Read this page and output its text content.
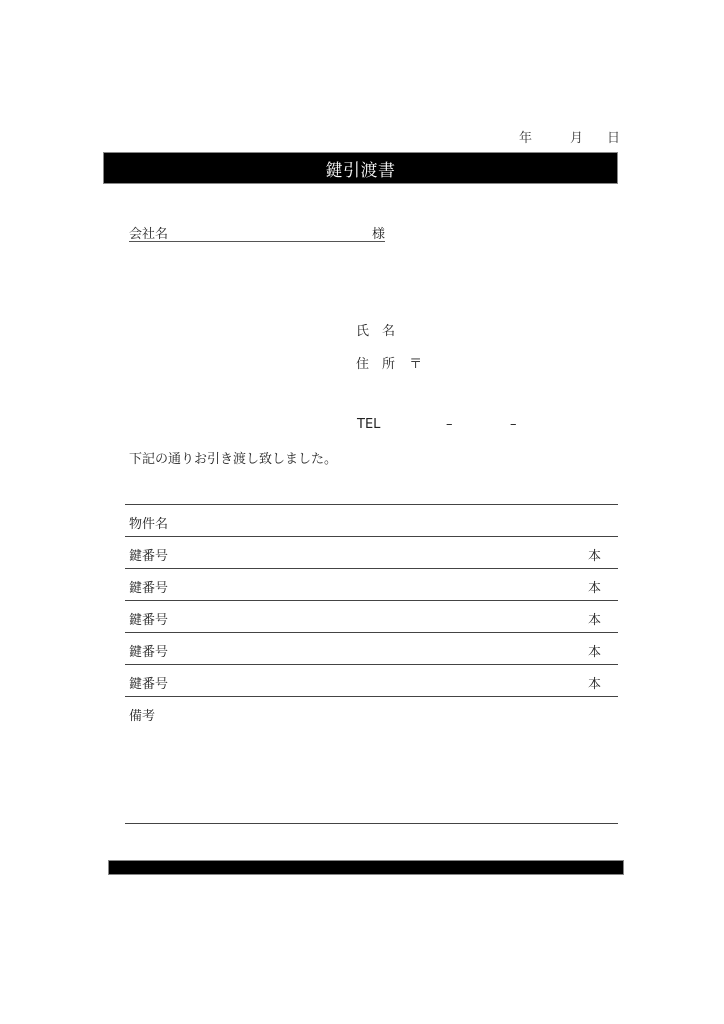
年	月 日
鍵引渡書
会社名	様
氏　名
住　所 〒
TEL	–	–
下記の通りお引き渡し致しました。
物件名
鍵番号	本
鍵番号	本
鍵番号	本
鍵番号	本
鍵番号	本
備考
